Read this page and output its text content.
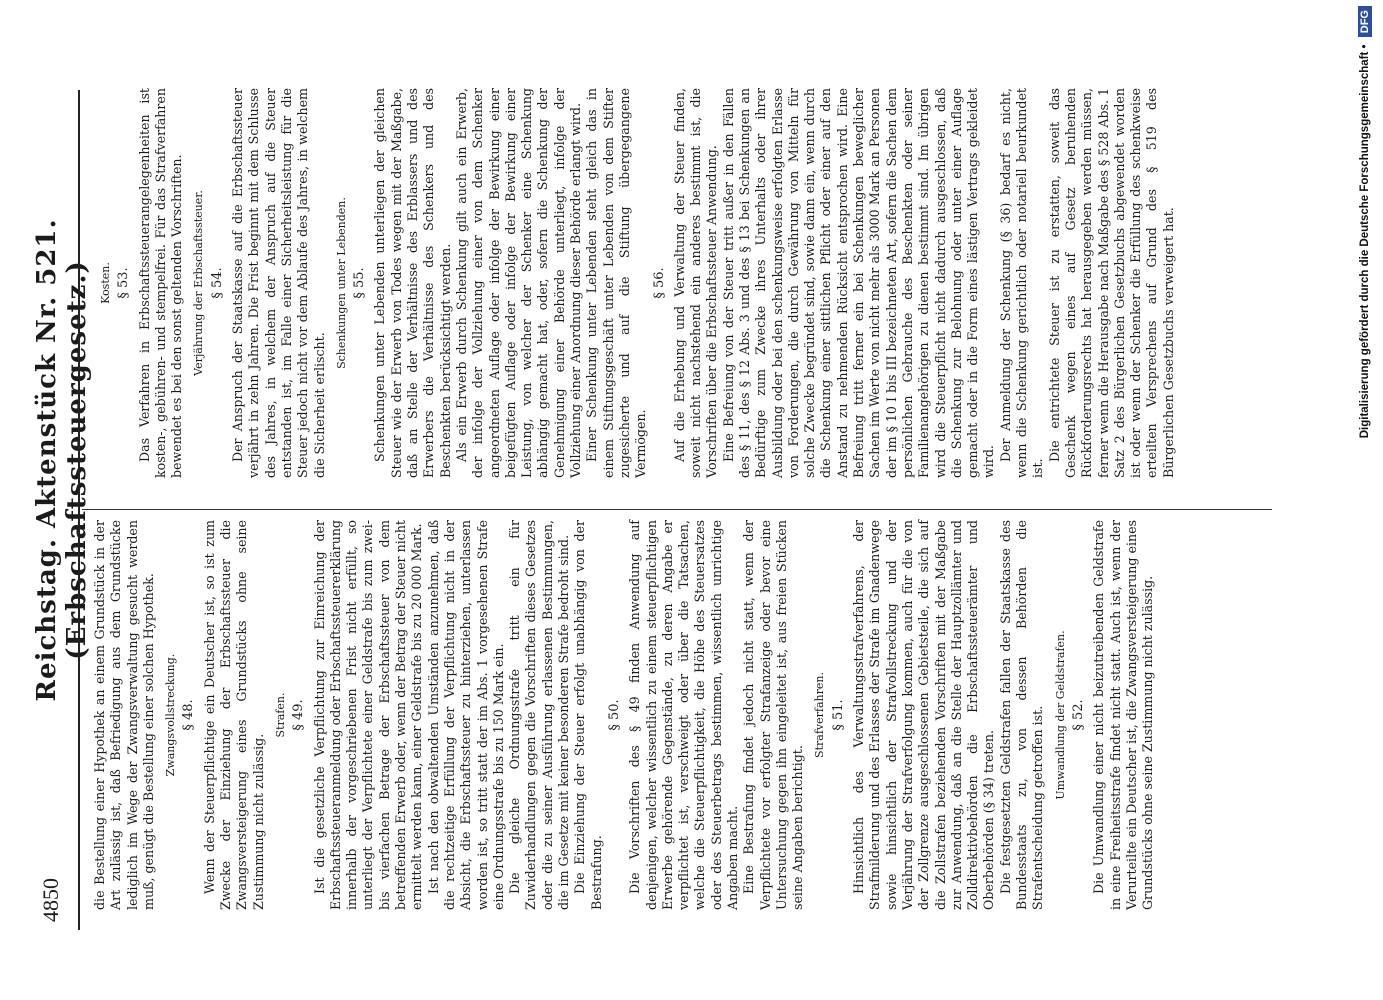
4850
Reichstag. Aktenstück Nr. 521. (Erbschaftssteuergesetz.)

die Bestellung einer Hypothek an einem Grundstück in der Art zulässig ist, daß Befriedigung aus dem Grundstücke lediglich im Wege der Zwangsverwaltung gesucht werden muß, genügt die Bestellung einer solchen Hypothek. Zwangsvollstreckung. § 48. Wenn der Steuerpflichtige ein Deutscher ist, so ist zum Zwecke der Einziehung der Erbschaftssteuer die Zwangsversteigerung eines Grundstücks ohne seine Zustimmung nicht zulässig.

Strafen. § 49. Ist die gesetzliche Verpflichtung zur Einreichung der Erbschaftssteueranmeldung oder Erbschaftssteuererklärung innerhalb der vorgeschriebenen Frist nicht erfüllt, so unterliegt der Verpflichtete einer Geldstrafe bis zum zwei- bis vierfachen Betrage der Erbschaftssteuer von dem betreffenden Erwerb oder, wenn der Betrag der Steuer nicht ermittelt werden kann, einer Geldstrafe bis zu 20 000 Mark. Ist nach den obwaltenden Umständen anzunehmen, daß die rechtzeitige Erfüllung der Verpflichtung nicht in der Absicht, die Erbschaftssteuer zu hinterziehen, unterlassen worden ist, so tritt statt der im Abs. 1 vorgesehenen Strafe eine Ordnungsstrafe bis zu 150 Mark ein. Die gleiche Ordnungsstrafe tritt ein für Zuwiderhandlungen gegen die Vorschriften dieses Gesetzes oder die zu seiner Ausführung erlassenen Bestimmungen, die im Gesetze mit keiner besonderen Strafe bedroht sind. Die Einziehung der Steuer erfolgt unabhängig von der Bestrafung.

§ 50. Die Vorschriften des § 49 finden Anwendung auf denjenigen, welcher wissentlich zu einem steuerpflichtigen Erwerbe gehörende Gegenstände, zu deren Angabe er verpflichtet ist, verschweigt oder über die Tatsachen, welche die Steuerpflichtigkeit, die Höhe des Steuersatzes oder des Steuerbetrags bestimmen, wissentlich unrichtige Angaben macht. Eine Bestrafung findet jedoch nicht statt, wenn der Verpflichtete vor erfolgter Strafanzeige oder bevor eine Untersuchung gegen ihn eingeleitet ist, aus freien Stücken seine Angaben berichtigt.

Strafverfahren. § 51. Hinsichtlich des Verwaltungsstrafverfahrens, der Strafmilderung und des Erlasses der Strafe im Gnadenwege sowie hinsichtlich der Strafvollstreckung und der Verjährung der Strafverfolgung kommen, auch für die von der Zollgrenze ausgeschlossenen Gebietsteile, die sich auf die Zollstrafen beziehenden Vorschriften mit der Maßgabe zur Anwendung, daß an die Stelle der Hauptzollämter und Zolldirektivbehörden die Erbschaftssteuerämter und Oberbehörden (§ 34) treten. Die festgesetzten Geldstrafen fallen der Staatskasse des Bundesstaats zu, von dessen Behörden die Strafentscheidung getroffen ist. Umwandlung der Geldstrafen. § 52. Die Umwandlung einer nicht beizutreibenden Geldstrafe in eine Freiheitsstrafe findet nicht statt. Auch ist, wenn der Verurteilte ein Deutscher ist, die Zwangsversteigerung eines Grundstücks ohne seine Zustimmung nicht zulässig.

Kosten. § 53. Das Verfahren in Erbschaftssteuerangelegenheiten ist kosten-, gebühren- und stempelfrei. Für das Strafverfahren bewendet es bei den sonst geltenden Vorschriften. Verjährung der Erbschaftssteuer. § 54. Der Anspruch der Staatskasse auf die Erbschaftssteuer verjährt in zehn Jahren. Die Frist beginnt mit dem Schlusse des Jahres, in welchem der Anspruch auf die Steuer entstanden ist, im Falle einer Sicherheitsleistung für die Steuer jedoch nicht vor dem Ablaufe des Jahres, in welchem die Sicherheit erlischt.

Schenkungen unter Lebenden. § 55. Schenkungen unter Lebenden unterliegen der gleichen Steuer wie der Erwerb von Todes wegen mit der Maßgabe, daß an Stelle der Verhältnisse des Erblassers und des Erwerbers die Verhältnisse des Schenkers und des Beschenkten berücksichtigt werden. Als ein Erwerb durch Schenkung gilt auch ein Erwerb, der infolge der Vollziehung einer von dem Schenker angeordneten Auflage oder infolge der Bewirkung einer beigefügten Auflage oder infolge der Bewirkung einer Leistung, von welcher der Schenker eine Schenkung abhängig gemacht hat, oder, sofern die Schenkung der Genehmigung einer Behörde unterliegt, infolge der Vollziehung einer Anordnung dieser Behörde erlangt wird. Einer Schenkung unter Lebenden steht gleich das in einem Stiftungsgeschäft unter Lebenden von dem Stifter zugesicherte und auf die Stiftung übergegangene Vermögen.

§ 56. Auf die Erhebung und Verwaltung der Steuer finden, soweit nicht nachstehend ein anderes bestimmt ist, die Vorschriften über die Erbschaftssteuer Anwendung. Eine Befreiung von der Steuer tritt außer in den Fällen des § 11, des § 12 Abs. 3 und des § 13 bei Schenkungen an Bedürftige zum Zwecke ihres Unterhalts oder ihrer Ausbildung oder bei den schenkungsweise erfolgten Erlasse von Forderungen, die durch Gewährung von Mitteln für solche Zwecke begründet sind, sowie dann ein, wenn durch die Schenkung einer sittlichen Pflicht oder einer auf den Anstand zu nehmenden Rücksicht entsprochen wird. Eine Befreiung tritt ferner ein bei Schenkungen beweglicher Sachen im Werte von nicht mehr als 3000 Mark an Personen der im § 10 I bis III bezeichneten Art, sofern die Sachen dem persönlichen Gebrauche des Beschenkten oder seiner Familienangehörigen zu dienen bestimmt sind. Im übrigen wird die Steuerpflicht nicht dadurch ausgeschlossen, daß die Schenkung zur Belohnung oder unter einer Auflage gemacht oder in die Form eines lästigen Vertrags gekleidet wird. Der Anmeldung der Schenkung (§ 36) bedarf es nicht, wenn die Schenkung gerichtlich oder notariell beurkundet ist.

Die entrichtete Steuer ist zu erstatten, soweit das Geschenk wegen eines auf Gesetz beruhenden Rückforderungsrechts hat herausgegeben werden müssen, ferner wenn die Herausgabe nach Maßgabe des § 528 Abs. 1 Satz 2 des Bürgerlichen Gesetzbuchs abgewendet worden ist oder wenn der Schenker die Erfüllung des schenkweise erteilten Versprechens auf Grund des § 519 des Bürgerlichen Gesetzbuchs verweigert hat.	Digitalisierung gefördert durch die Deutsche Forschungsgemeinschaft • DFG
